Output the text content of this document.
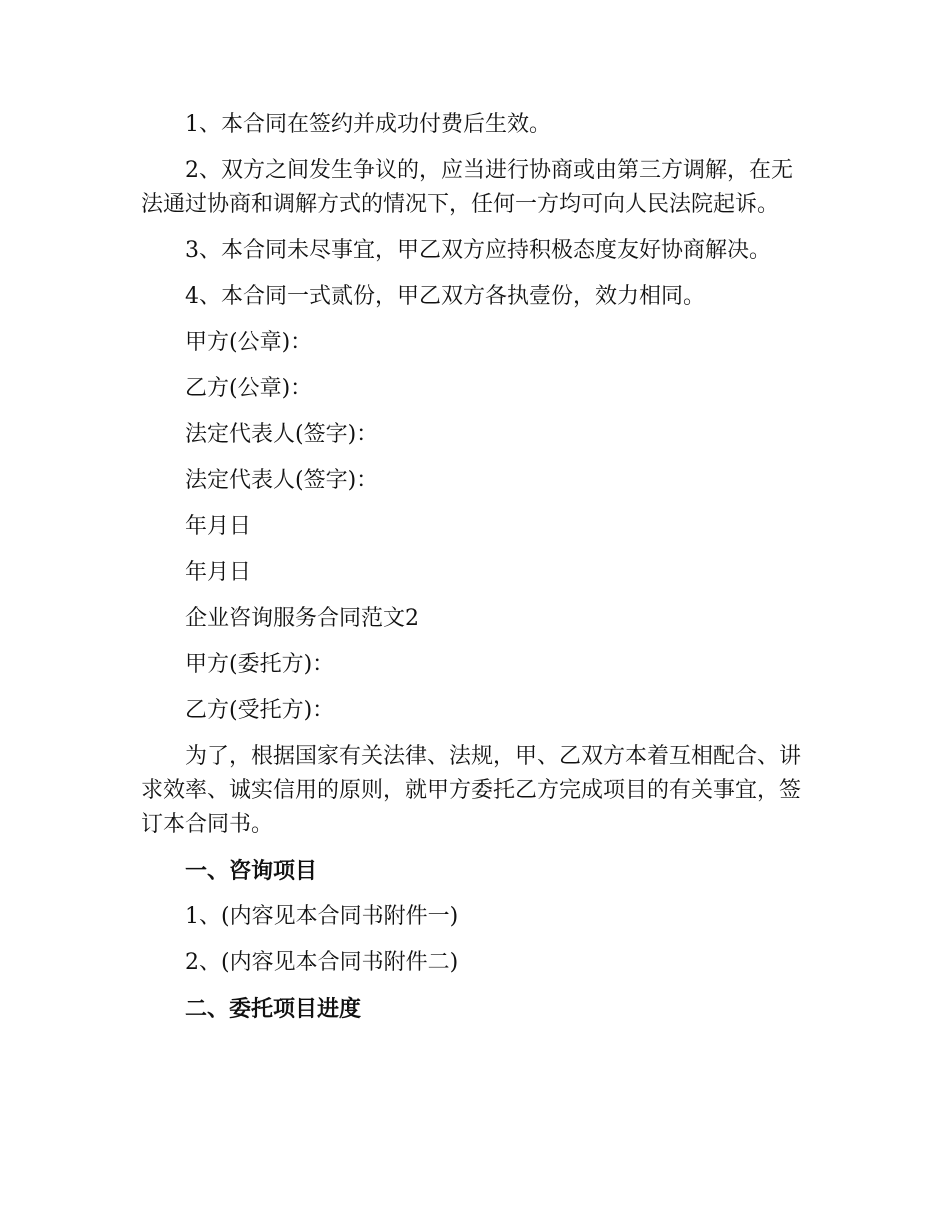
1、本合同在签约并成功付费后生效。

2、双方之间发生争议的，应当进行协商或由第三方调解，在无法通过协商和调解方式的情况下，任何一方均可向人民法院起诉。

3、本合同未尽事宜，甲乙双方应持积极态度友好协商解决。

4、本合同一式贰份，甲乙双方各执壹份，效力相同。

甲方(公章)：

乙方(公章)：

法定代表人(签字)：

法定代表人(签字)：

年月日

年月日

企业咨询服务合同范文2

甲方(委托方)：

乙方(受托方)：

为了，根据国家有关法律、法规，甲、乙双方本着互相配合、讲求效率、诚实信用的原则，就甲方委托乙方完成项目的有关事宜，签订本合同书。

一、咨询项目

1、(内容见本合同书附件一)

2、(内容见本合同书附件二)

二、委托项目进度
